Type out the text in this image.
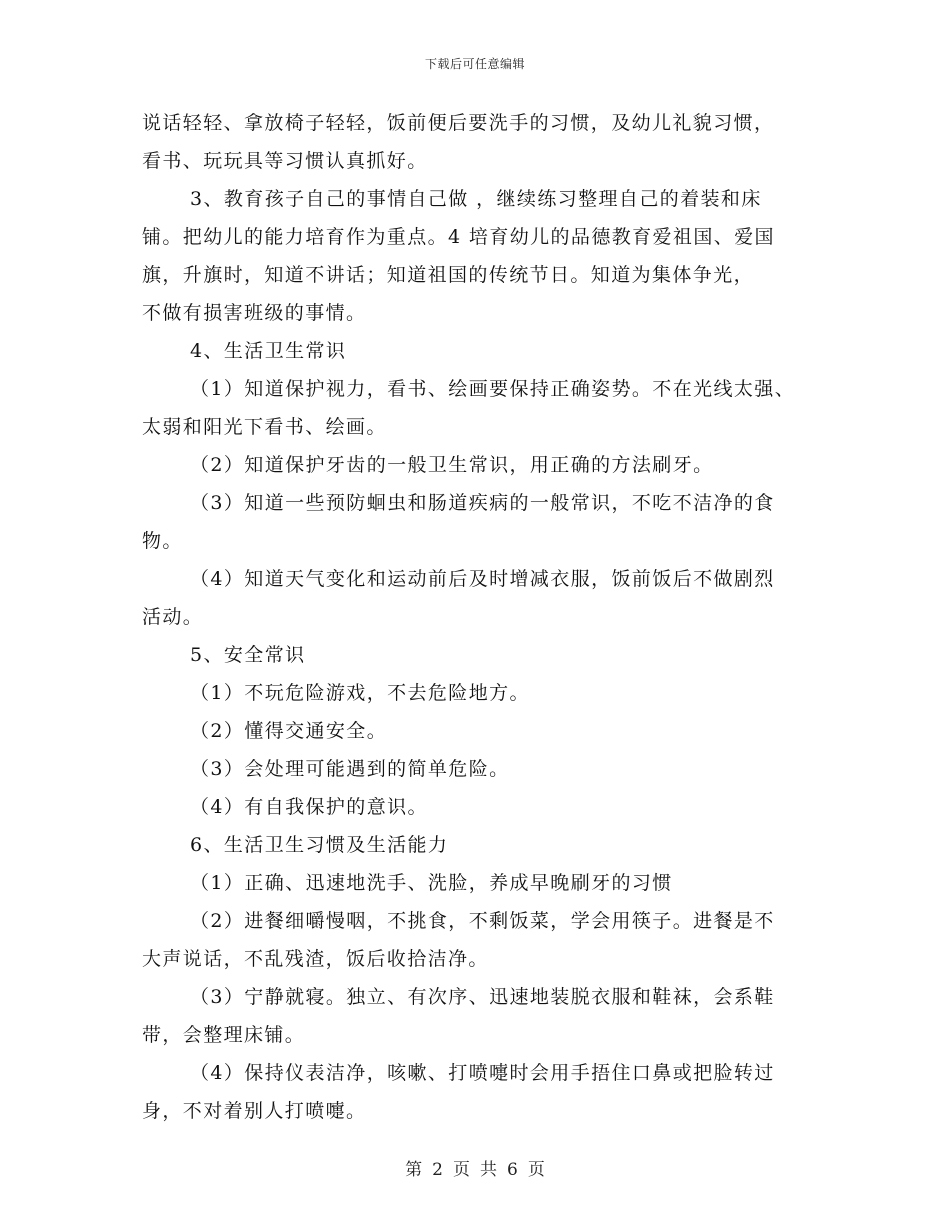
下载后可任意编辑
说话轻轻、拿放椅子轻轻，饭前便后要洗手的习惯，及幼儿礼貌习惯，
看书、玩玩具等习惯认真抓好。
3、教育孩子自己的事情自己做 ，继续练习整理自己的着装和床
铺。把幼儿的能力培育作为重点。4 培育幼儿的品德教育爱祖国、爱国
旗，升旗时，知道不讲话；知道祖国的传统节日。知道为集体争光，
不做有损害班级的事情。
4、生活卫生常识
（1）知道保护视力，看书、绘画要保持正确姿势。不在光线太强、
太弱和阳光下看书、绘画。
（2）知道保护牙齿的一般卫生常识，用正确的方法刷牙。
（3）知道一些预防蛔虫和肠道疾病的一般常识，不吃不洁净的食
物。
（4）知道天气变化和运动前后及时增减衣服，饭前饭后不做剧烈
活动。
5、安全常识
（1）不玩危险游戏，不去危险地方。
（2）懂得交通安全。
（3）会处理可能遇到的简单危险。
（4）有自我保护的意识。
6、生活卫生习惯及生活能力
（1）正确、迅速地洗手、洗脸，养成早晚刷牙的习惯
（2）进餐细嚼慢咽，不挑食，不剩饭菜，学会用筷子。进餐是不
大声说话，不乱残渣，饭后收拾洁净。
（3）宁静就寝。独立、有次序、迅速地装脱衣服和鞋袜，会系鞋
带，会整理床铺。
（4）保持仪表洁净，咳嗽、打喷嚏时会用手捂住口鼻或把脸转过
身，不对着别人打喷嚏。
第 2 页 共 6 页
